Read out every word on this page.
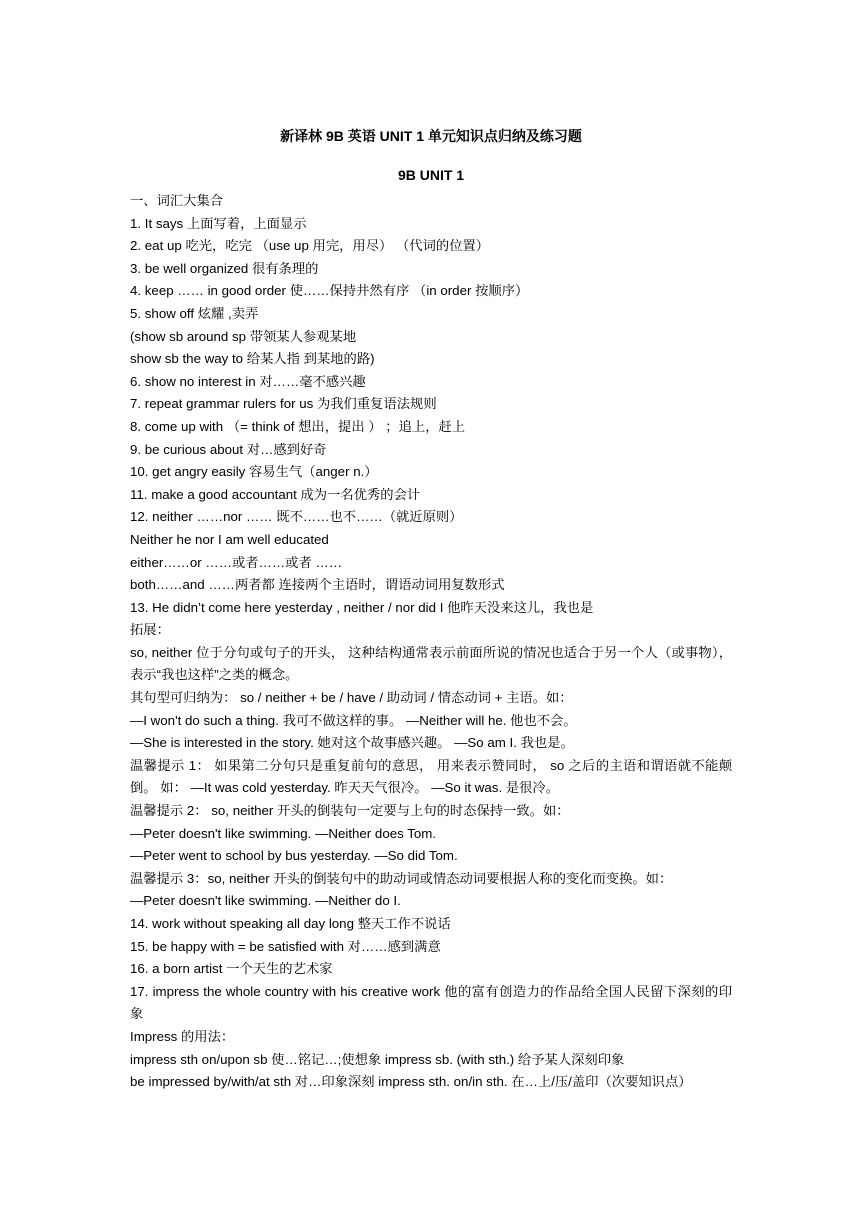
新译林 9B 英语 UNIT 1 单元知识点归纳及练习题
9B UNIT 1
一、词汇大集合
1. It says 上面写着，上面显示
2. eat up 吃光，吃完 （use up 用完，用尽） （代词的位置）
3. be well organized 很有条理的
4. keep …… in good order 使……保持井然有序 （in order 按顺序）
5. show off 炫耀 ,卖弄
(show sb around sp 带领某人参观某地
show sb the way to 给某人指 到某地的路)
6. show no interest in 对……毫不感兴趣
7. repeat grammar rulers for us 为我们重复语法规则
8. come up with （= think of 想出，提出 ） ；追上，赶上
9. be curious about 对…感到好奇
10. get angry easily 容易生气（anger n.）
11. make a good accountant 成为一名优秀的会计
12. neither ……nor …… 既不……也不……（就近原则）
Neither he nor I am well educated
either……or ……或者……或者 ……
both……and ……两者都 连接两个主语时，谓语动词用复数形式
13. He didn’t come here yesterday , neither / nor did I 他昨天没来这儿，我也是
拓展：
so, neither 位于分句或句子的开头， 这种结构通常表示前面所说的情况也适合于另一个人（或事物）， 表示“我也这样”之类的概念。
其句型可归纳为： so / neither + be / have / 助动词 / 情态动词 + 主语。如：
—I won't do such a thing. 我可不做这样的事。 —Neither will he. 他也不会。
—She is interested in the story. 她对这个故事感兴趣。 —So am I. 我也是。
温馨提示 1： 如果第二分句只是重复前句的意思， 用来表示赞同时， so 之后的主语和谓语就不能颠倒。 如： —It was cold yesterday. 昨天天气很冷。 —So it was. 是很冷。
温馨提示 2： so, neither 开头的倒装句一定要与上句的时态保持一致。如：
—Peter doesn't like swimming. —Neither does Tom.
—Peter went to school by bus yesterday. —So did Tom.
温馨提示 3：so, neither 开头的倒装句中的助动词或情态动词要根据人称的变化而变换。如：
—Peter doesn't like swimming. —Neither do I.
14. work without speaking all day long 整天工作不说话
15. be happy with = be satisfied with 对……感到满意
16. a born artist 一个天生的艺术家
17. impress the whole country with his creative work 他的富有创造力的作品给全国人民留下深刻的印象
Impress 的用法：
impress sth on/upon sb 使…铭记…;使想象 impress sb. (with sth.) 给予某人深刻印象
be impressed by/with/at sth 对…印象深刻 impress sth. on/in sth. 在…上/压/盖印（次要知识点）
